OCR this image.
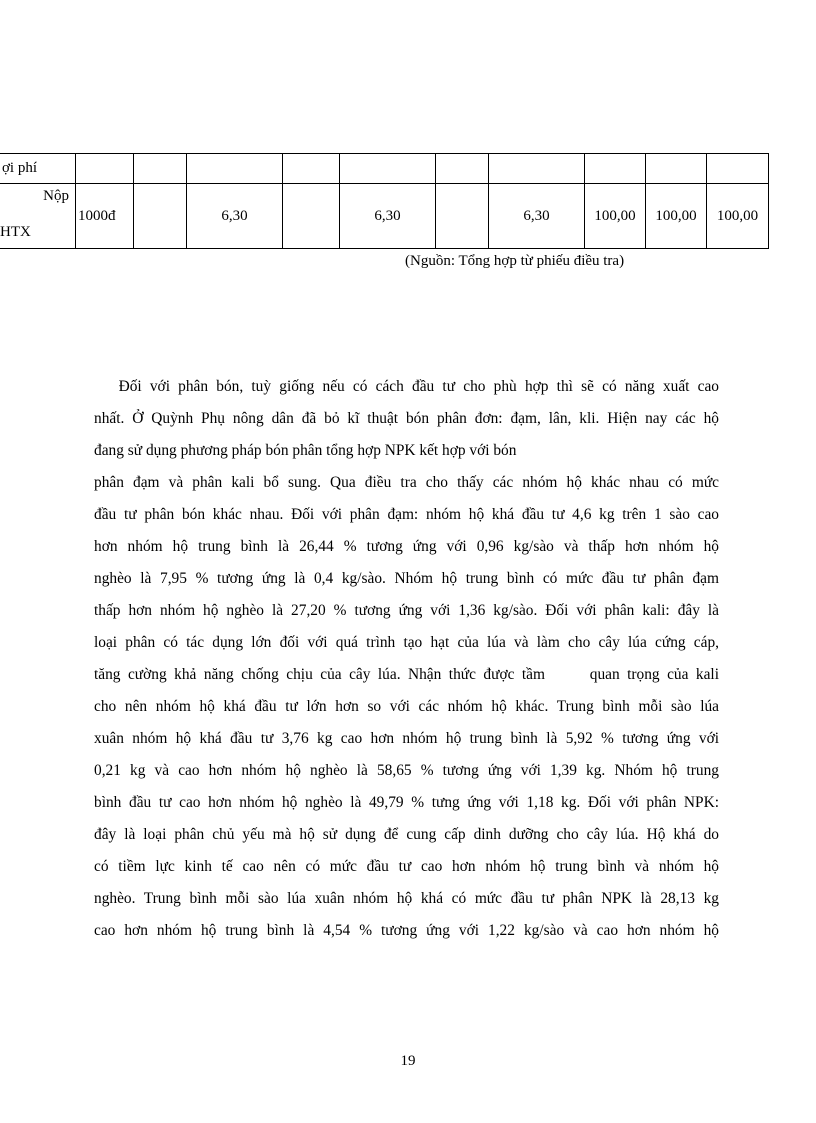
ợi phí										

Nộp
HTX	1000đ		6,30		6,30		6,30	100,00	100,00	100,00
(Nguồn: Tổng hợp từ phiếu điều tra)
Đối với phân bón, tuỳ giống nếu có cách đầu tư cho phù hợp thì sẽ có năng xuất cao
nhất. Ở Quỳnh Phụ nông dân đã bỏ kĩ thuật bón phân đơn: đạm, lân, kli. Hiện nay các hộ
đang sử dụng phương pháp bón phân tổng hợp NPK kết hợp với bón
phân đạm và phân kali bổ sung. Qua điều tra cho thấy các nhóm hộ khác nhau có mức
đầu tư phân bón khác nhau. Đối với phân đạm: nhóm hộ khá đầu tư 4,6 kg trên 1 sào cao
hơn nhóm hộ trung bình là 26,44 % tương ứng với 0,96 kg/sào và thấp hơn nhóm hộ
nghèo là 7,95 % tương ứng là 0,4 kg/sào. Nhóm hộ trung bình có mức đầu tư phân đạm
thấp hơn nhóm hộ nghèo là 27,20 % tương ứng với 1,36 kg/sào. Đối với phân kali: đây là
loại phân có tác dụng lớn đối với quá trình tạo hạt của lúa và làm cho cây lúa cứng cáp,
tăng cường khả năng chống chịu của cây lúa. Nhận thức được tầm      quan trọng của kali
cho nên nhóm hộ khá đầu tư lớn hơn so với các nhóm hộ khác. Trung bình mỗi sào lúa
xuân nhóm hộ khá đầu tư 3,76 kg cao hơn nhóm hộ trung bình là 5,92 % tương ứng với
0,21 kg và cao hơn nhóm hộ nghèo là 58,65 % tương ứng với 1,39 kg. Nhóm hộ trung
bình đầu tư cao hơn nhóm hộ nghèo là 49,79 % tưng ứng với 1,18 kg. Đối với phân NPK:
đây là loại phân chủ yếu mà hộ sử dụng để cung cấp dinh dưỡng cho cây lúa. Hộ khá do
có tiềm lực kinh tế cao nên có mức đầu tư cao hơn nhóm hộ trung bình và nhóm hộ
nghèo. Trung bình mỗi sào lúa xuân nhóm hộ khá có mức đầu tư phân NPK là 28,13 kg
cao hơn nhóm hộ trung bình là 4,54 % tương ứng với 1,22 kg/sào và cao hơn nhóm hộ
19
